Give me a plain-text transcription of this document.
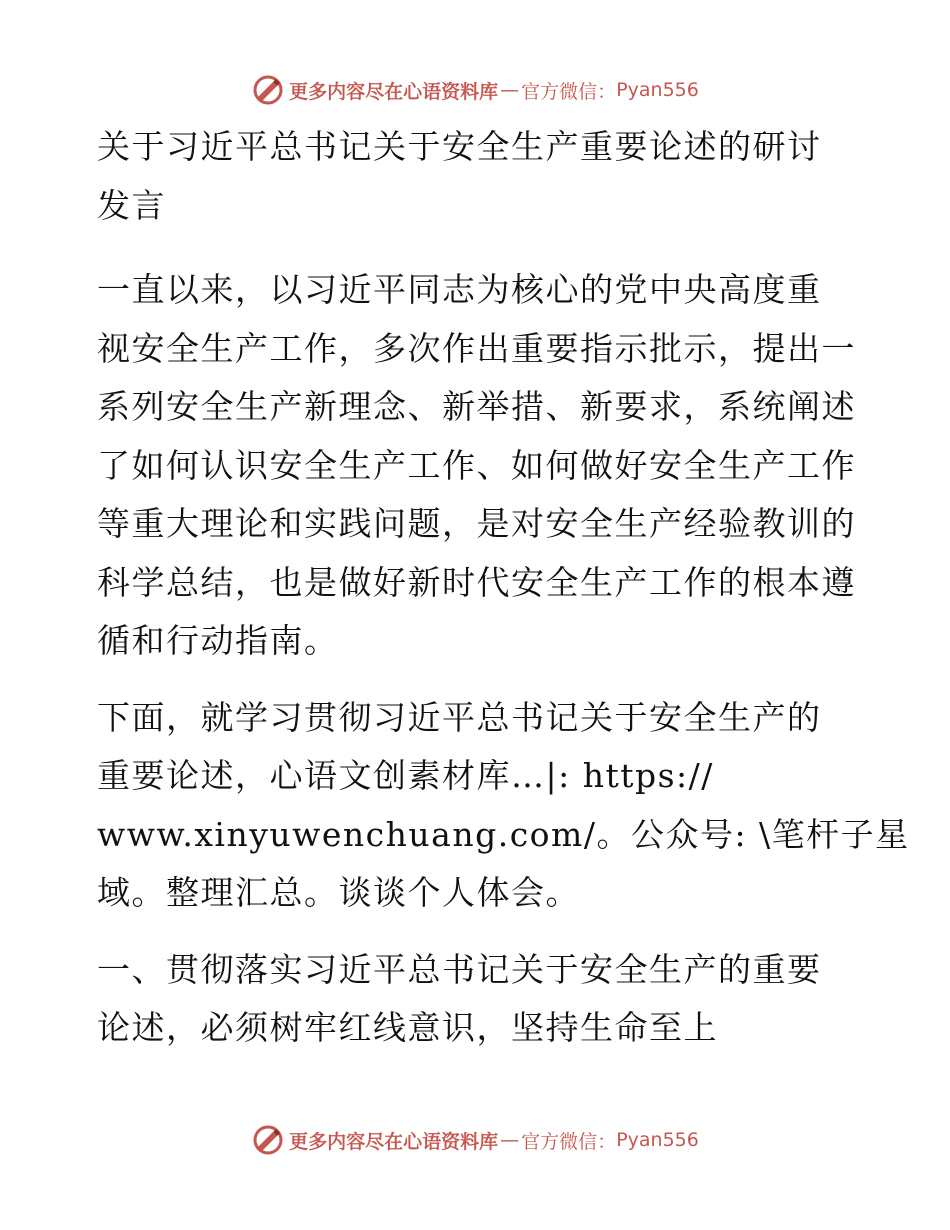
更多内容尽在心语资料库 — 官方微信： Pyan556
关于习近平总书记关于安全生产重要论述的研讨
发言
一直以来，以习近平同志为核心的党中央高度重
视安全生产工作，多次作出重要指示批示，提出一
系列安全生产新理念、新举措、新要求，系统阐述
了如何认识安全生产工作、如何做好安全生产工作
等重大理论和实践问题，是对安全生产经验教训的
科学总结，也是做好新时代安全生产工作的根本遵
循和行动指南。
下面，就学习贯彻习近平总书记关于安全生产的
重要论述，心语文创素材库…|: https://
www.xinyuwenchuang.com/。公众号: \笔杆子星
域。整理汇总。谈谈个人体会。
一、贯彻落实习近平总书记关于安全生产的重要
论述，必须树牢红线意识，坚持生命至上
更多内容尽在心语资料库 — 官方微信： Pyan556
